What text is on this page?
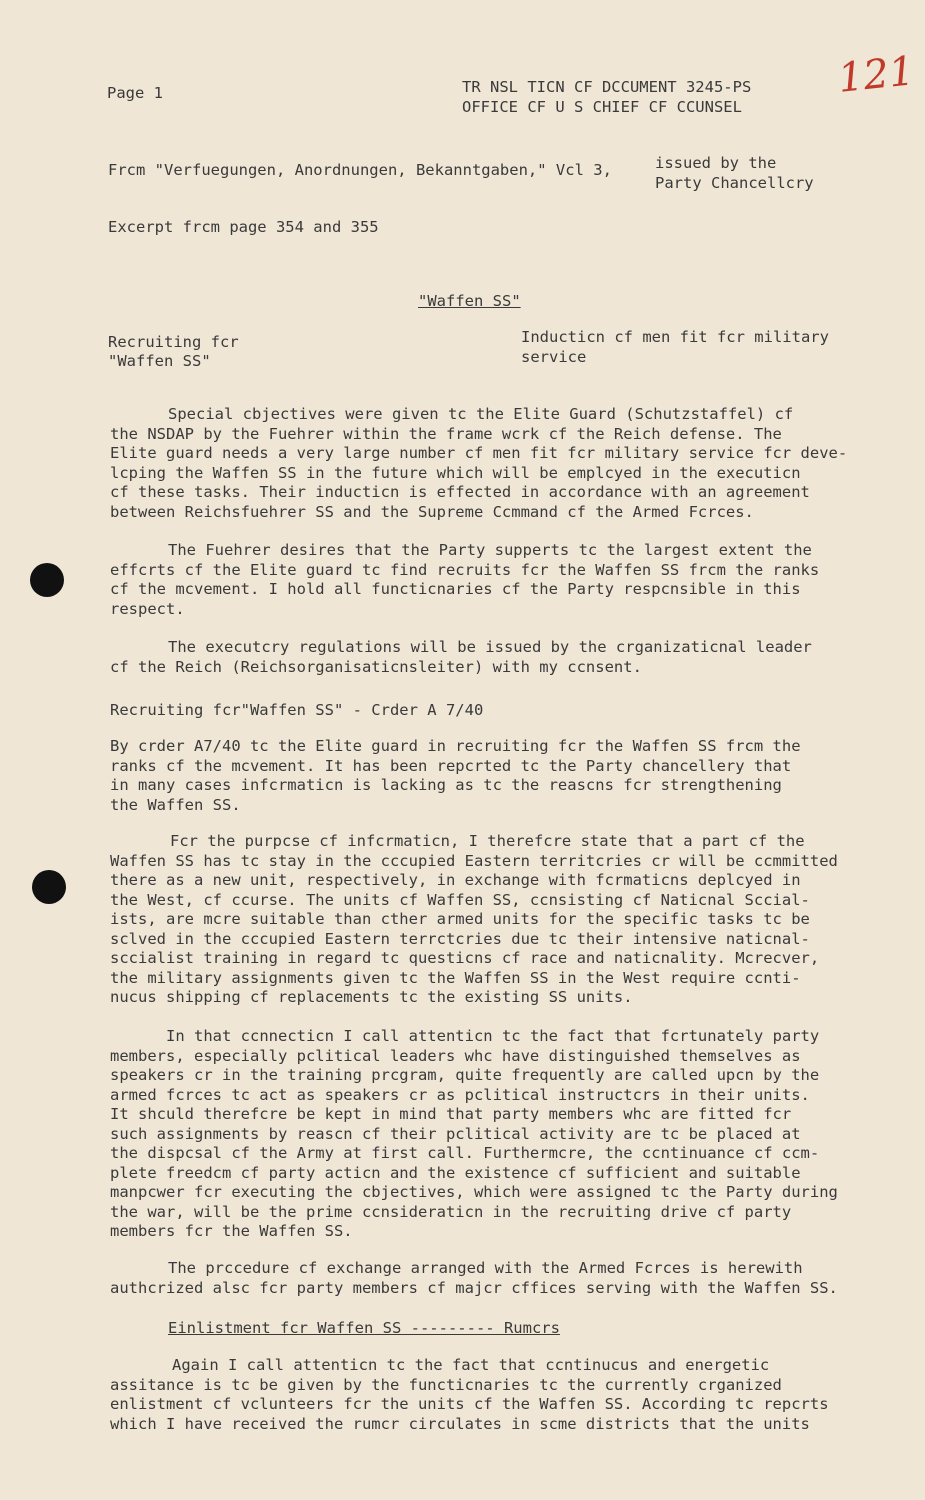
121
Page 1	TR NSL TICN CF DCCUMENT 3245-PS
OFFICE CF U S CHIEF CF CCUNSEL
Frcm "Verfuegungen, Anordnungen, Bekanntgaben," Vcl 3,	issued by the
Party Chancellcry
Excerpt frcm page 354 and 355
"Waffen SS"
Recruiting fcr
"Waffen SS"
Inducticn cf men fit fcr military
service
Special cbjectives were given tc the Elite Guard (Schutzstaffel) cf
the NSDAP by the Fuehrer within the frame wcrk cf the Reich defense. The
Elite guard needs a very large number cf men fit fcr military service fcr deve-
lcping the Waffen SS in the future which will be emplcyed in the executicn
cf these tasks. Their inducticn is effected in accordance with an agreement
between Reichsfuehrer SS and the Supreme Ccmmand cf the Armed Fcrces.
The Fuehrer desires that the Party supperts tc the largest extent the
effcrts cf the Elite guard tc find recruits fcr the Waffen SS frcm the ranks
cf the mcvement. I hold all functicnaries cf the Party respcnsible in this
respect.
The executcry regulations will be issued by the crganizaticnal leader
cf the Reich (Reichsorganisaticnsleiter) with my ccnsent.
Recruiting fcr"Waffen SS" - Crder A 7/40
By crder A7/40 tc the Elite guard in recruiting fcr the Waffen SS frcm the
ranks cf the mcvement. It has been repcrted tc the Party chancellery that
in many cases infcrmaticn is lacking as tc the reascns fcr strengthening
the Waffen SS.
Fcr the purpcse cf infcrmaticn, I therefcre state that a part cf the
Waffen SS has tc stay in the cccupied Eastern territcries cr will be ccmmitted
there as a new unit, respectively, in exchange with fcrmaticns deplcyed in
the West, cf ccurse. The units cf Waffen SS, ccnsisting cf Naticnal Sccial-
ists, are mcre suitable than cther armed units for the specific tasks tc be
sclved in the cccupied Eastern terrctcries due tc their intensive naticnal-
sccialist training in regard tc questicns cf race and naticnality. Mcrecver,
the military assignments given tc the Waffen SS in the West require ccnti-
nucus shipping cf replacements tc the existing SS units.
In that ccnnecticn I call attenticn tc the fact that fcrtunately party
members, especially pclitical leaders whc have distinguished themselves as
speakers cr in the training prcgram, quite frequently are called upcn by the
armed fcrces tc act as speakers cr as pclitical instructcrs in their units.
It shculd therefcre be kept in mind that party members whc are fitted fcr
such assignments by reascn cf their pclitical activity are tc be placed at
the dispcsal cf the Army at first call. Furthermcre, the ccntinuance cf ccm-
plete freedcm cf party acticn and the existence cf sufficient and suitable
manpcwer fcr executing the cbjectives, which were assigned tc the Party during
the war, will be the prime ccnsideraticn in the recruiting drive cf party
members fcr the Waffen SS.
The prccedure cf exchange arranged with the Armed Fcrces is herewith
authcrized alsc fcr party members cf majcr cffices serving with the Waffen SS.
Einlistment fcr Waffen SS --------- Rumcrs
Again I call attenticn tc the fact that ccntinucus and energetic
assitance is tc be given by the functicnaries tc the currently crganized
enlistment cf vclunteers fcr the units cf the Waffen SS. According tc repcrts
which I have received the rumcr circulates in scme districts that the units
